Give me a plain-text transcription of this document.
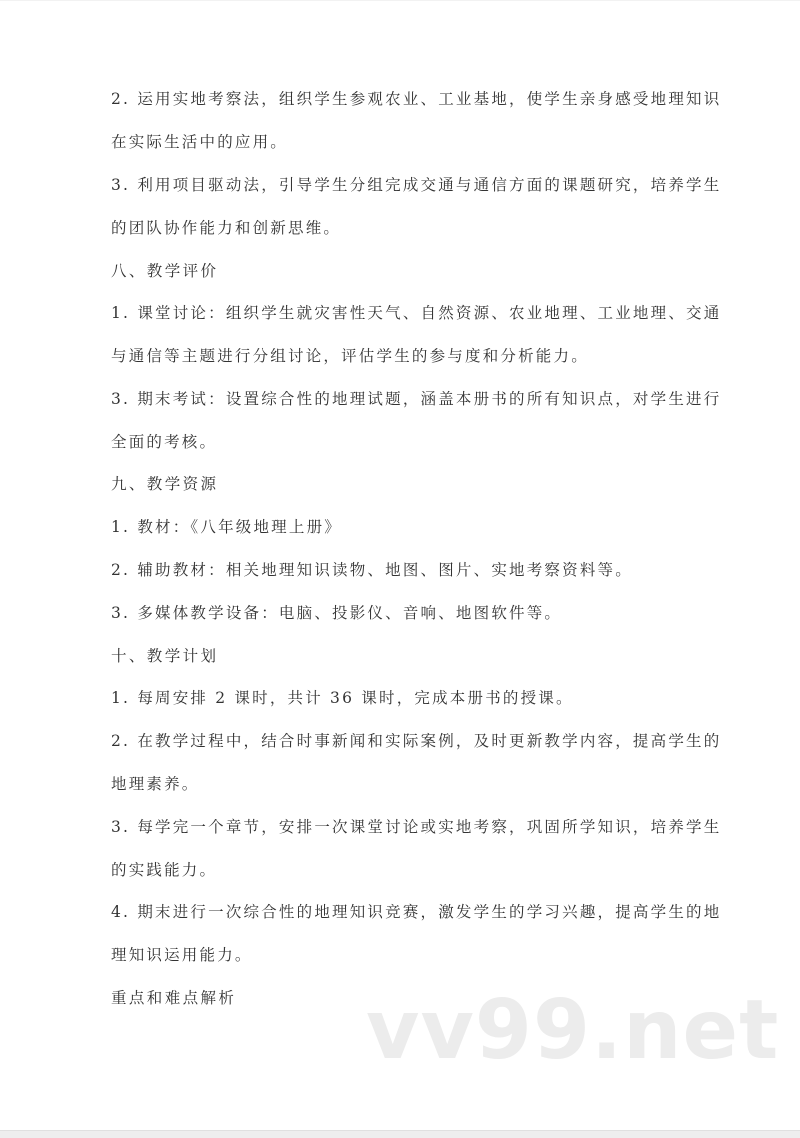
2. 运用实地考察法，组织学生参观农业、工业基地，使学生亲身感受地理知识
在实际生活中的应用。
3. 利用项目驱动法，引导学生分组完成交通与通信方面的课题研究，培养学生
的团队协作能力和创新思维。
八、教学评价
1. 课堂讨论：组织学生就灾害性天气、自然资源、农业地理、工业地理、交通
与通信等主题进行分组讨论，评估学生的参与度和分析能力。
3. 期末考试：设置综合性的地理试题，涵盖本册书的所有知识点，对学生进行
全面的考核。
九、教学资源
1. 教材：《八年级地理上册》
2. 辅助教材：相关地理知识读物、地图、图片、实地考察资料等。
3. 多媒体教学设备：电脑、投影仪、音响、地图软件等。
十、教学计划
1. 每周安排 2 课时，共计 36 课时，完成本册书的授课。
2. 在教学过程中，结合时事新闻和实际案例，及时更新教学内容，提高学生的
地理素养。
3. 每学完一个章节，安排一次课堂讨论或实地考察，巩固所学知识，培养学生
的实践能力。
4. 期末进行一次综合性的地理知识竞赛，激发学生的学习兴趣，提高学生的地
理知识运用能力。
重点和难点解析 vv99.net
